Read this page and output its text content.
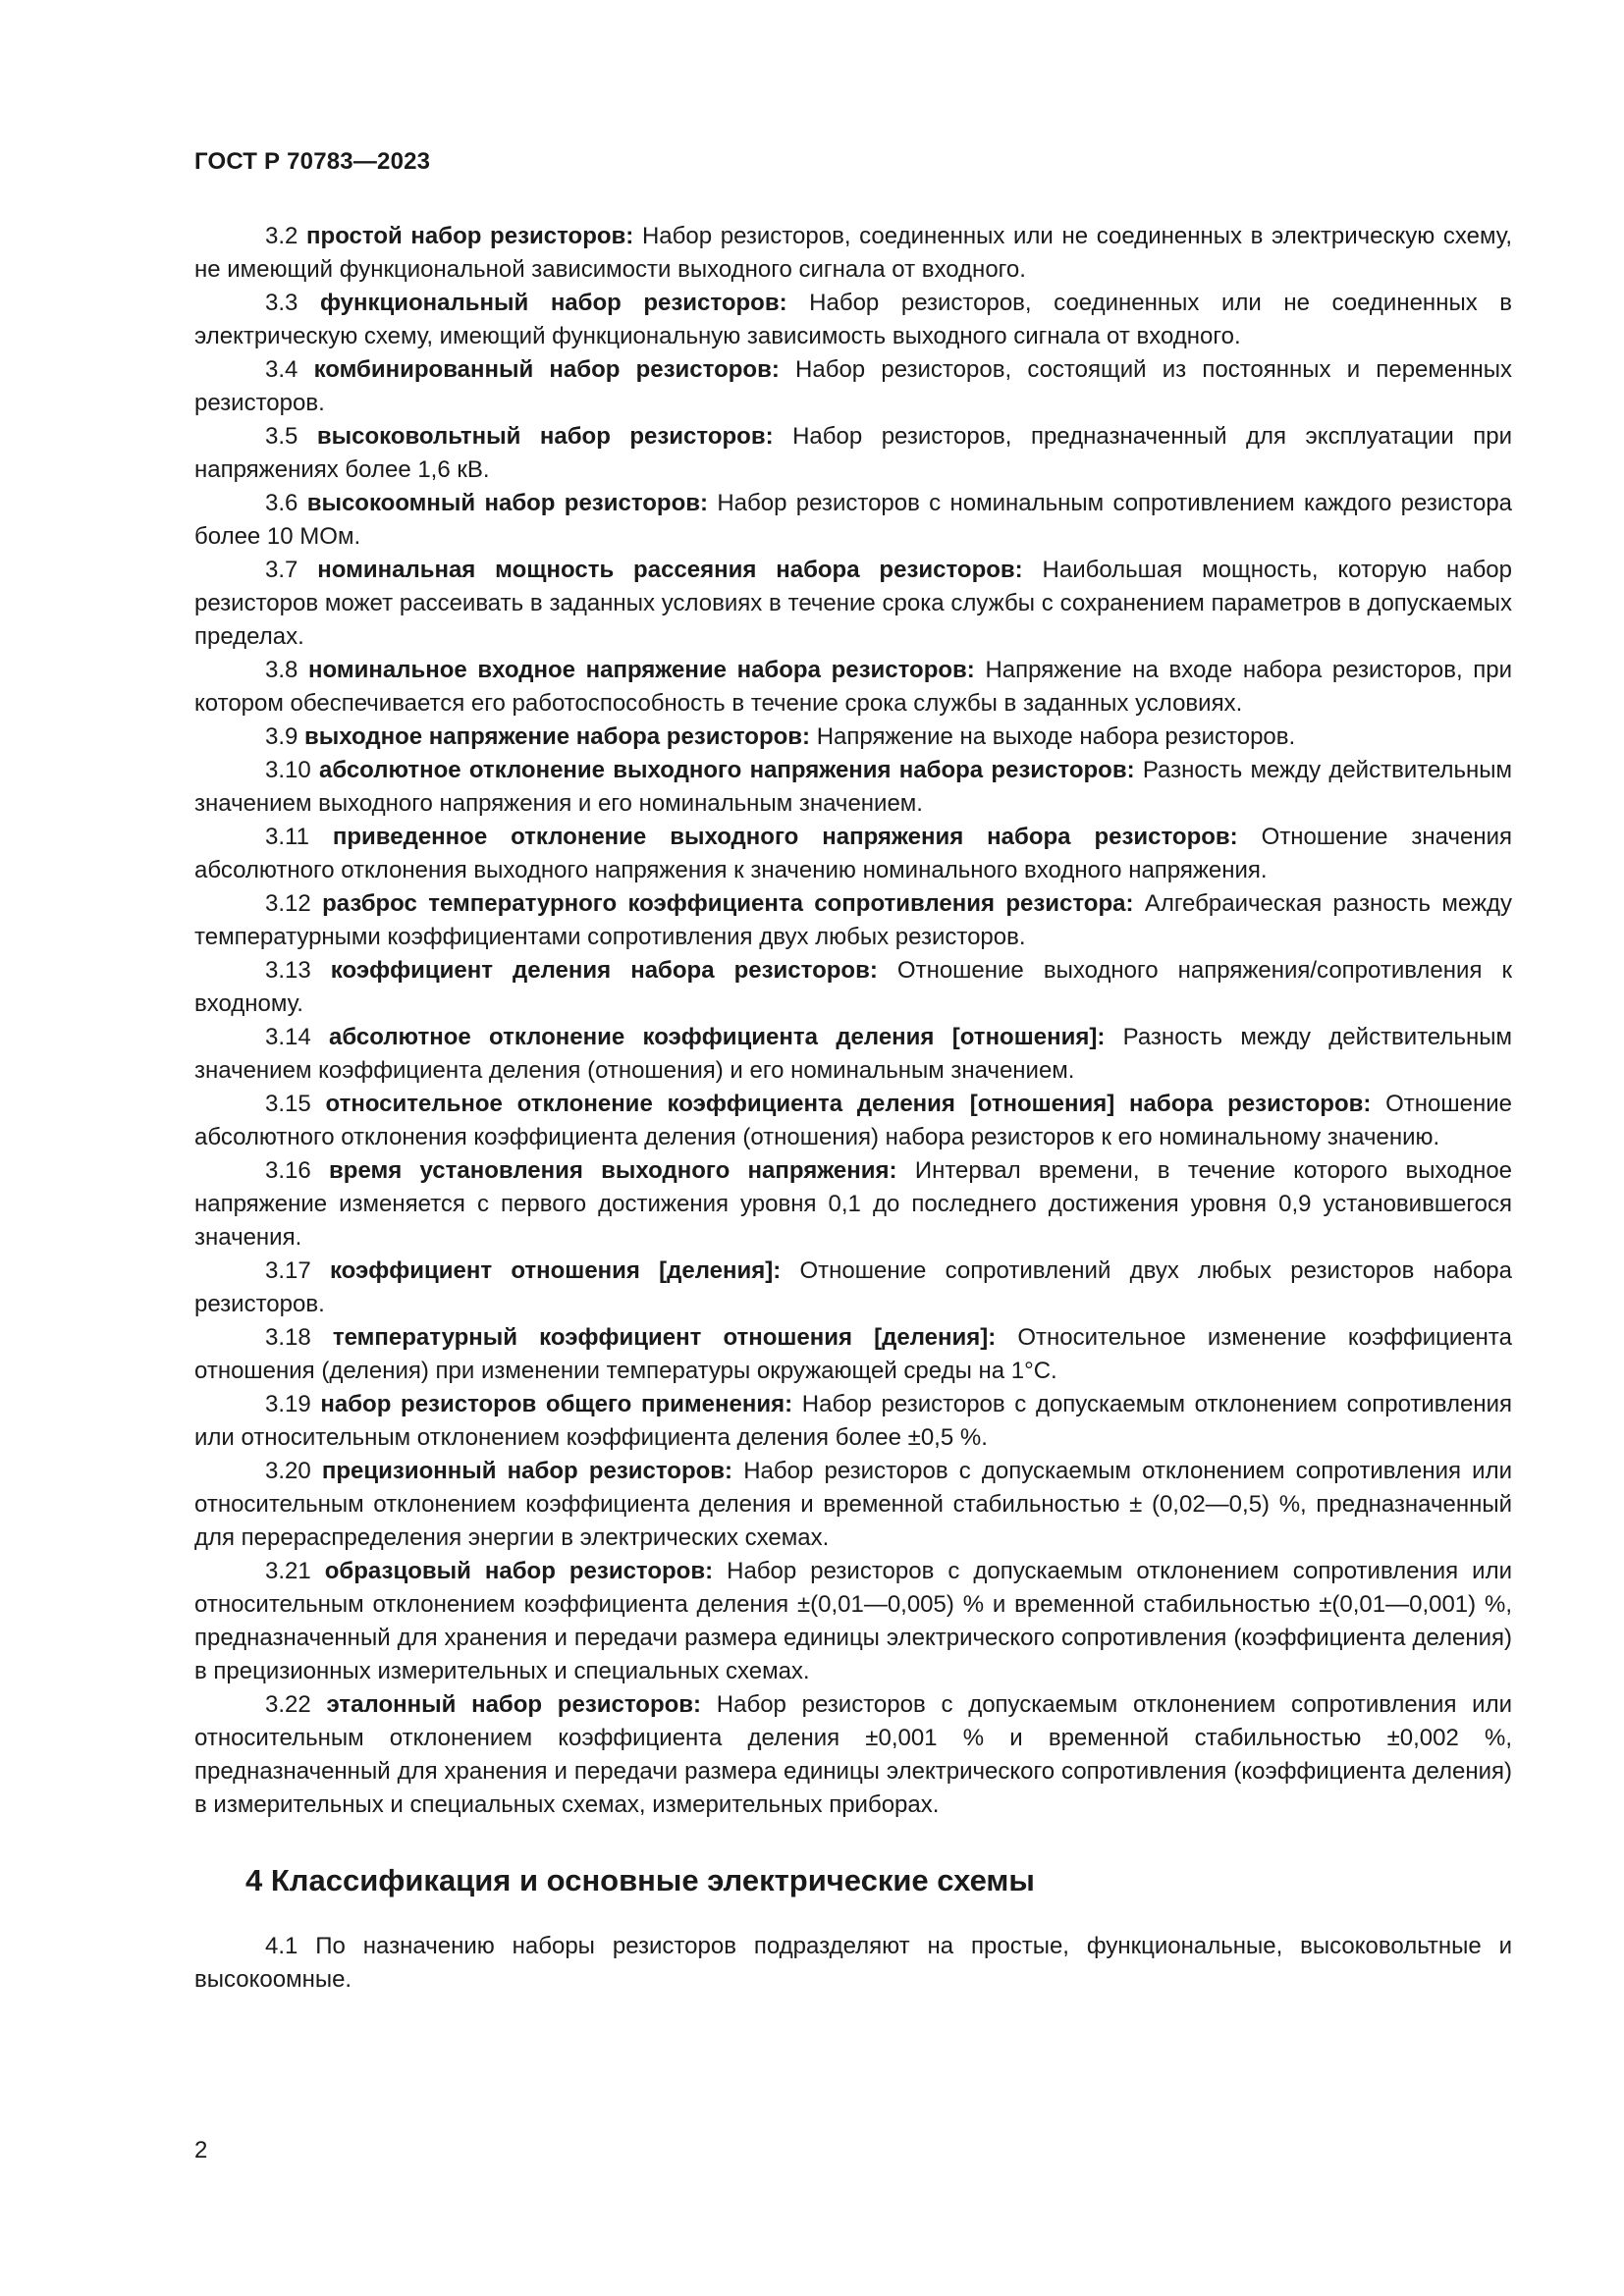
ГОСТ Р 70783—2023

3.2 простой набор резисторов: Набор резисторов, соединенных или не соединенных в электрическую схему, не имеющий функциональной зависимости выходного сигнала от входного.

3.3 функциональный набор резисторов: Набор резисторов, соединенных или не соединенных в электрическую схему, имеющий функциональную зависимость выходного сигнала от входного.

3.4 комбинированный набор резисторов: Набор резисторов, состоящий из постоянных и переменных резисторов.

3.5 высоковольтный набор резисторов: Набор резисторов, предназначенный для эксплуатации при напряжениях более 1,6 кВ.

3.6 высокоомный набор резисторов: Набор резисторов с номинальным сопротивлением каждого резистора более 10 МОм.

3.7 номинальная мощность рассеяния набора резисторов: Наибольшая мощность, которую набор резисторов может рассеивать в заданных условиях в течение срока службы с сохранением параметров в допускаемых пределах.

3.8 номинальное входное напряжение набора резисторов: Напряжение на входе набора резисторов, при котором обеспечивается его работоспособность в течение срока службы в заданных условиях.

3.9 выходное напряжение набора резисторов: Напряжение на выходе набора резисторов.

3.10 абсолютное отклонение выходного напряжения набора резисторов: Разность между действительным значением выходного напряжения и его номинальным значением.

3.11 приведенное отклонение выходного напряжения набора резисторов: Отношение значения абсолютного отклонения выходного напряжения к значению номинального входного напряжения.

3.12 разброс температурного коэффициента сопротивления резистора: Алгебраическая разность между температурными коэффициентами сопротивления двух любых резисторов.

3.13 коэффициент деления набора резисторов: Отношение выходного напряжения/сопротивления к входному.

3.14 абсолютное отклонение коэффициента деления [отношения]: Разность между действительным значением коэффициента деления (отношения) и его номинальным значением.

3.15 относительное отклонение коэффициента деления [отношения] набора резисторов: Отношение абсолютного отклонения коэффициента деления (отношения) набора резисторов к его номинальному значению.

3.16 время установления выходного напряжения: Интервал времени, в течение которого выходное напряжение изменяется с первого достижения уровня 0,1 до последнего достижения уровня 0,9 установившегося значения.

3.17 коэффициент отношения [деления]: Отношение сопротивлений двух любых резисторов набора резисторов.

3.18 температурный коэффициент отношения [деления]: Относительное изменение коэффициента отношения (деления) при изменении температуры окружающей среды на 1°С.

3.19 набор резисторов общего применения: Набор резисторов с допускаемым отклонением сопротивления или относительным отклонением коэффициента деления более ±0,5 %.

3.20 прецизионный набор резисторов: Набор резисторов с допускаемым отклонением сопротивления или относительным отклонением коэффициента деления и временной стабильностью ± (0,02—0,5) %, предназначенный для перераспределения энергии в электрических схемах.

3.21 образцовый набор резисторов: Набор резисторов с допускаемым отклонением сопротивления или относительным отклонением коэффициента деления ±(0,01—0,005) % и временной стабильностью ±(0,01—0,001) %, предназначенный для хранения и передачи размера единицы электрического сопротивления (коэффициента деления) в прецизионных измерительных и специальных схемах.

3.22 эталонный набор резисторов: Набор резисторов с допускаемым отклонением сопротивления или относительным отклонением коэффициента деления ±0,001 % и временной стабильностью ±0,002 %, предназначенный для хранения и передачи размера единицы электрического сопротивления (коэффициента деления) в измерительных и специальных схемах, измерительных приборах.

4 Классификация и основные электрические схемы

4.1 По назначению наборы резисторов подразделяют на простые, функциональные, высоковольтные и высокоомные.

2
